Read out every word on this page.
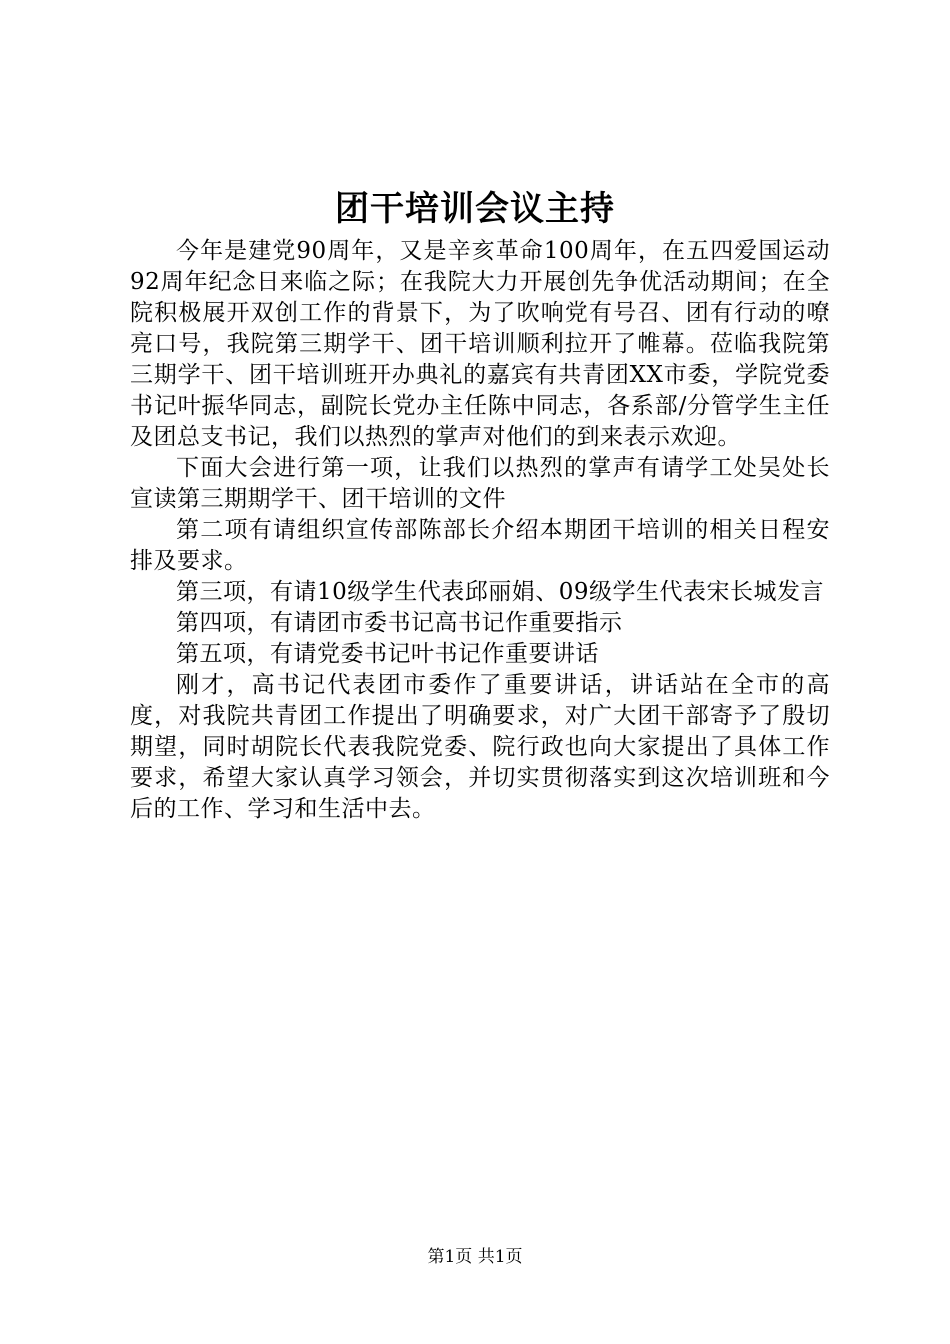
团干培训会议主持

今年是建党90周年，又是辛亥革命100周年，在五四爱国运动92周年纪念日来临之际；在我院大力开展创先争优活动期间；在全院积极展开双创工作的背景下，为了吹响党有号召、团有行动的嘹亮口号，我院第三期学干、团干培训顺利拉开了帷幕。莅临我院第三期学干、团干培训班开办典礼的嘉宾有共青团XX市委，学院党委书记叶振华同志，副院长党办主任陈中同志，各系部/分管学生主任及团总支书记，我们以热烈的掌声对他们的到来表示欢迎。

下面大会进行第一项，让我们以热烈的掌声有请学工处吴处长宣读第三期期学干、团干培训的文件

第二项有请组织宣传部陈部长介绍本期团干培训的相关日程安排及要求。

第三项，有请10级学生代表邱丽娟、09级学生代表宋长城发言

第四项，有请团市委书记高书记作重要指示

第五项，有请党委书记叶书记作重要讲话

刚才，高书记代表团市委作了重要讲话，讲话站在全市的高度，对我院共青团工作提出了明确要求，对广大团干部寄予了殷切期望，同时胡院长代表我院党委、院行政也向大家提出了具体工作要求，希望大家认真学习领会，并切实贯彻落实到这次培训班和今后的工作、学习和生活中去。

第1页 共1页
